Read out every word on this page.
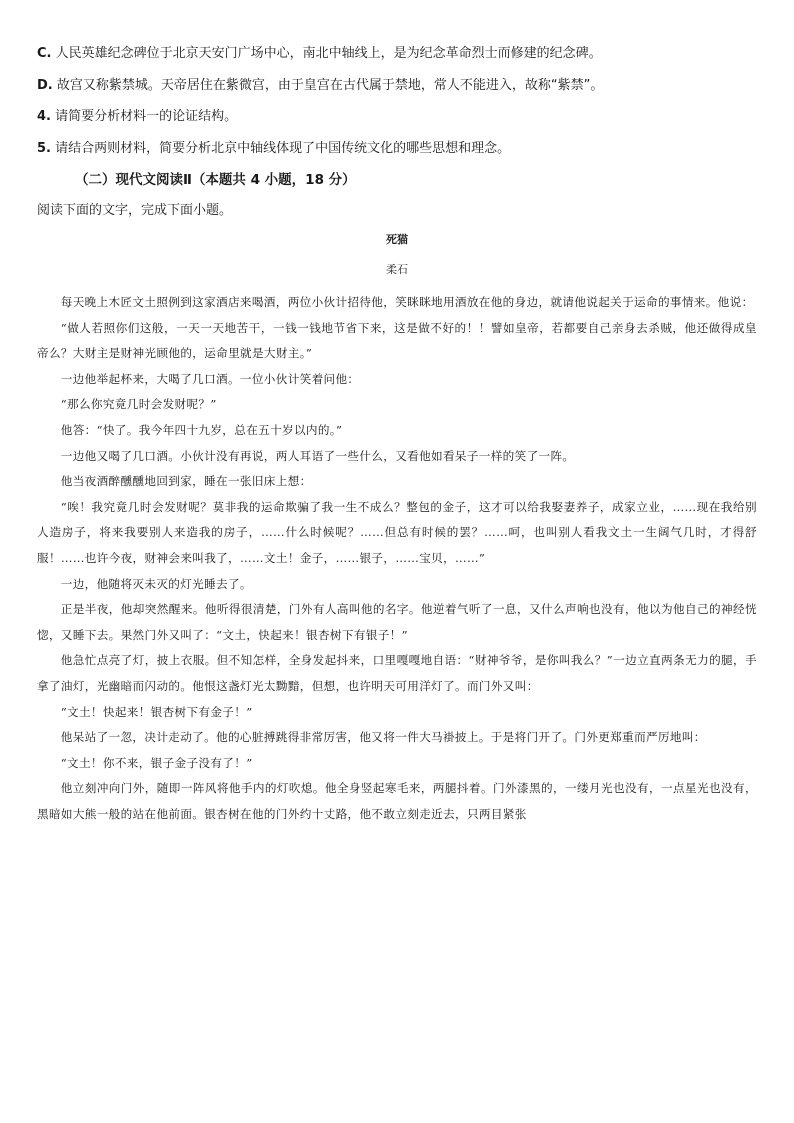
C. 人民英雄纪念碑位于北京天安门广场中心，南北中轴线上，是为纪念革命烈士而修建的纪念碑。
D. 故宫又称紫禁城。天帝居住在紫微宫，由于皇宫在古代属于禁地，常人不能进入，故称“紫禁”。
4. 请简要分析材料一的论证结构。
5. 请结合两则材料，简要分析北京中轴线体现了中国传统文化的哪些思想和理念。
（二）现代文阅读Ⅱ（本题共 4 小题，18 分）
阅读下面的文字，完成下面小题。
死猫
柔石

每天晚上木匠文土照例到这家酒店来喝酒，两位小伙计招待他，笑眯眯地用酒放在他的身边，就请他说起关于运命的事情来。他说：

“做人若照你们这般，一天一天地苦干，一钱一钱地节省下来，这是做不好的！！譬如皇帝，若都要自己亲身去杀贼，他还做得成皇帝么？大财主是财神光顾他的，运命里就是大财主。”

一边他举起杯来，大喝了几口酒。一位小伙计笑着问他：

“那么你究竟几时会发财呢？”

他答：“快了。我今年四十九岁，总在五十岁以内的。”

一边他又喝了几口酒。小伙计没有再说，两人耳语了一些什么，又看他如看呆子一样的笑了一阵。

他当夜酒醉醺醺地回到家，睡在一张旧床上想：

“唉！我究竟几时会发财呢？莫非我的运命欺骗了我一生不成么？整包的金子，这才可以给我娶妻养子，成家立业，……现在我给别人造房子，将来我要别人来造我的房子，……什么时候呢？……但总有时候的罢？……呵，也叫别人看我文土一生阔气几时，才得舒服！……也许今夜，财神会来叫我了，……文土！金子，……银子，……宝贝，……”

一边，他随将灭未灭的灯光睡去了。

正是半夜，他却突然醒来。他听得很清楚，门外有人高叫他的名字。他逆着气听了一息，又什么声响也没有，他以为他自己的神经恍惚，又睡下去。果然门外又叫了：“文土，快起来！银杏树下有银子！”

他急忙点亮了灯，披上衣服。但不知怎样，全身发起抖来，口里嘎嘎地自语：“财神爷爷，是你叫我么？”一边立直两条无力的腿，手拿了油灯，光幽暗而闪动的。他恨这盏灯光太黝黯，但想，也许明天可用洋灯了。而门外又叫：

“文土！快起来！银杏树下有金子！”

他呆站了一忽，决计走动了。他的心脏搏跳得非常厉害，他又将一件大马褂披上。于是将门开了。门外更郑重而严厉地叫：

“文土！你不来，银子金子没有了！”

他立刻冲向门外，随即一阵风将他手内的灯吹熄。他全身竖起寒毛来，两腿抖着。门外漆黑的，一缕月光也没有，一点星光也没有，黑暗如大熊一般的站在他前面。银杏树在他的门外约十丈路，他不敢立刻走近去，只两目紧张
